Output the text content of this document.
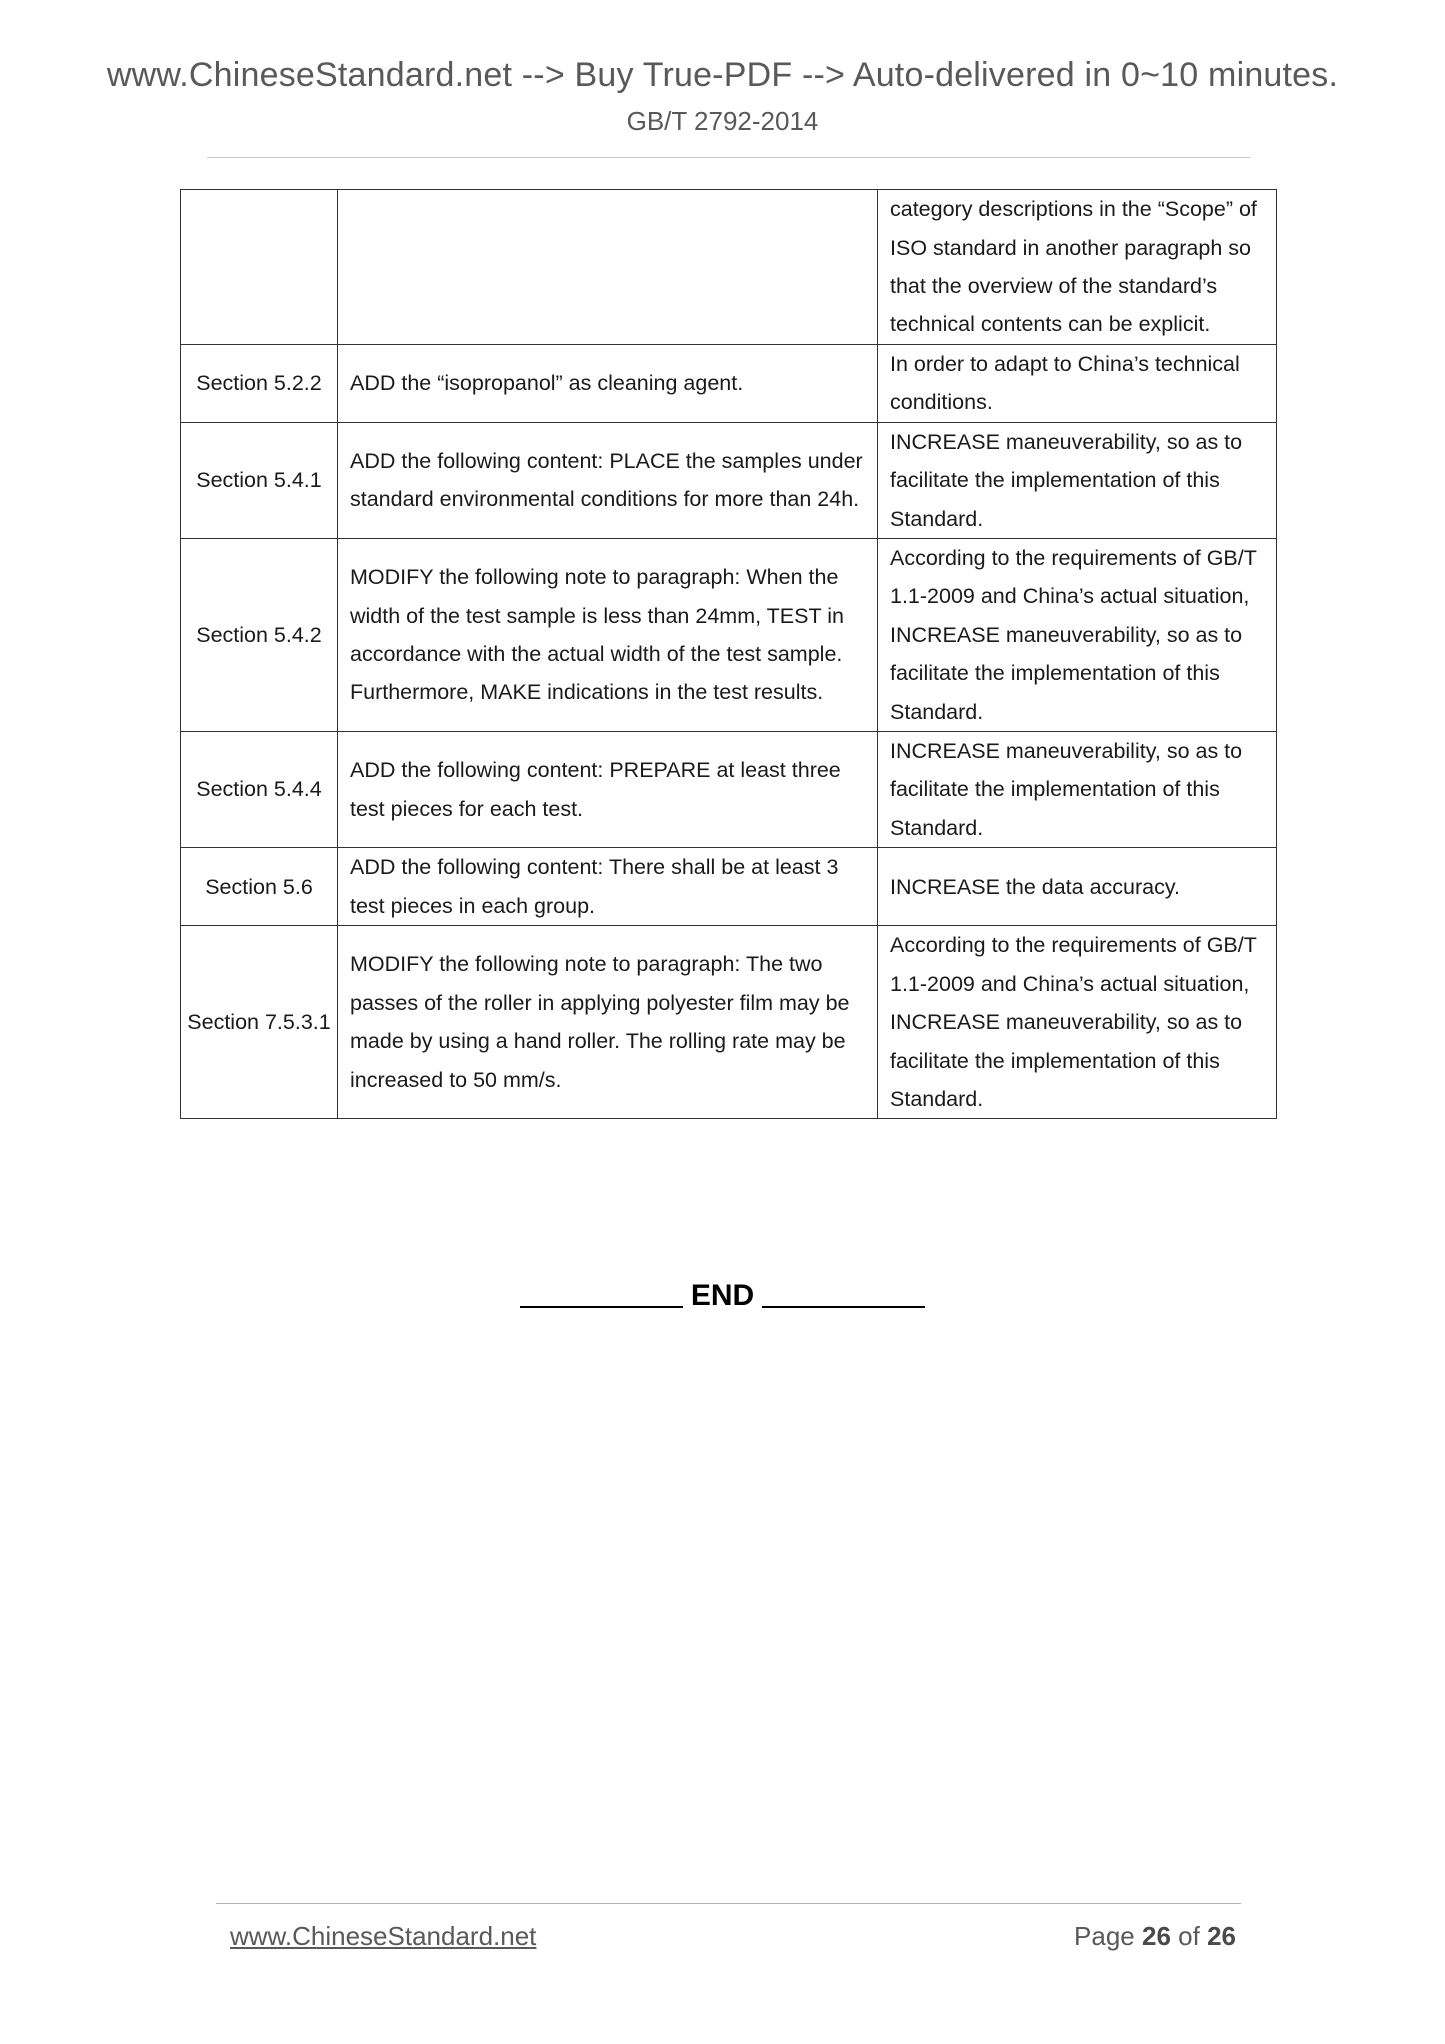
www.ChineseStandard.net --> Buy True-PDF --> Auto-delivered in 0~10 minutes.
GB/T 2792-2014
		category descriptions in the “Scope” of ISO standard in another paragraph so that the overview of the standard’s technical contents can be explicit.
Section 5.2.2	ADD the “isopropanol” as cleaning agent.	In order to adapt to China’s technical conditions.
Section 5.4.1	ADD the following content: PLACE the samples under standard environmental conditions for more than 24h.	INCREASE maneuverability, so as to facilitate the implementation of this Standard.
Section 5.4.2	MODIFY the following note to paragraph: When the width of the test sample is less than 24mm, TEST in accordance with the actual width of the test sample. Furthermore, MAKE indications in the test results.	According to the requirements of GB/T 1.1-2009 and China’s actual situation, INCREASE maneuverability, so as to facilitate the implementation of this Standard.
Section 5.4.4	ADD the following content: PREPARE at least three test pieces for each test.	INCREASE maneuverability, so as to facilitate the implementation of this Standard.
Section 5.6	ADD the following content: There shall be at least 3 test pieces in each group.	INCREASE the data accuracy.
Section 7.5.3.1	MODIFY the following note to paragraph: The two passes of the roller in applying polyester film may be made by using a hand roller. The rolling rate may be increased to 50 mm/s.	According to the requirements of GB/T 1.1-2009 and China’s actual situation, INCREASE maneuverability, so as to facilitate the implementation of this Standard.
END
www.ChineseStandard.net	Page 26 of 26
